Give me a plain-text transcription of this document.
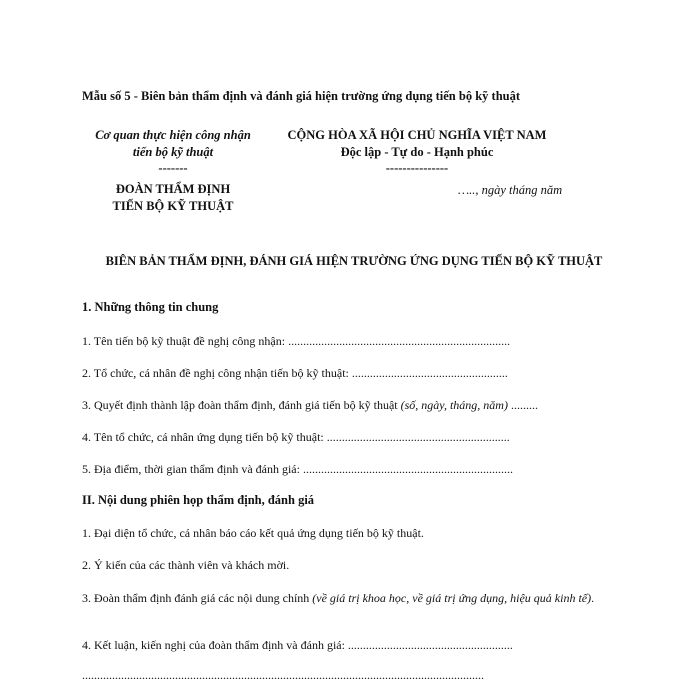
Mẫu số 5 - Biên bản thẩm định và đánh giá hiện trường ứng dụng tiến bộ kỹ thuật
Cơ quan thực hiện công nhận
tiến bộ kỹ thuật
-------
ĐOÀN THẨM ĐỊNH
TIẾN BỘ KỸ THUẬT
CỘNG HÒA XÃ HỘI CHỦ NGHĨA VIỆT NAM
Độc lập - Tự do - Hạnh phúc
---------------
….., ngày tháng năm
BIÊN BẢN THẨM ĐỊNH, ĐÁNH GIÁ HIỆN TRƯỜNG ỨNG DỤNG TIẾN BỘ KỸ THUẬT
1. Những thông tin chung
1. Tên tiến bộ kỹ thuật đề nghị công nhận: ..........................................................................
2. Tổ chức, cá nhân đề nghị công nhận tiến bộ kỹ thuật: ....................................................
3. Quyết định thành lập đoàn thẩm định, đánh giá tiến bộ kỹ thuật (số, ngày, tháng, năm) .........
4. Tên tổ chức, cá nhân ứng dụng tiến bộ kỹ thuật: .............................................................
5. Địa điểm, thời gian thẩm định và đánh giá: ......................................................................
II. Nội dung phiên họp thẩm định, đánh giá
1. Đại diện tổ chức, cá nhân báo cáo kết quả ứng dụng tiến bộ kỹ thuật.
2. Ý kiến của các thành viên và khách mời.
3. Đoàn thẩm định đánh giá các nội dung chính (về giá trị khoa học, về giá trị ứng dụng, hiệu quả kinh tế).
4. Kết luận, kiến nghị của đoàn thẩm định và đánh giá: .......................................................
......................................................................................................................................
